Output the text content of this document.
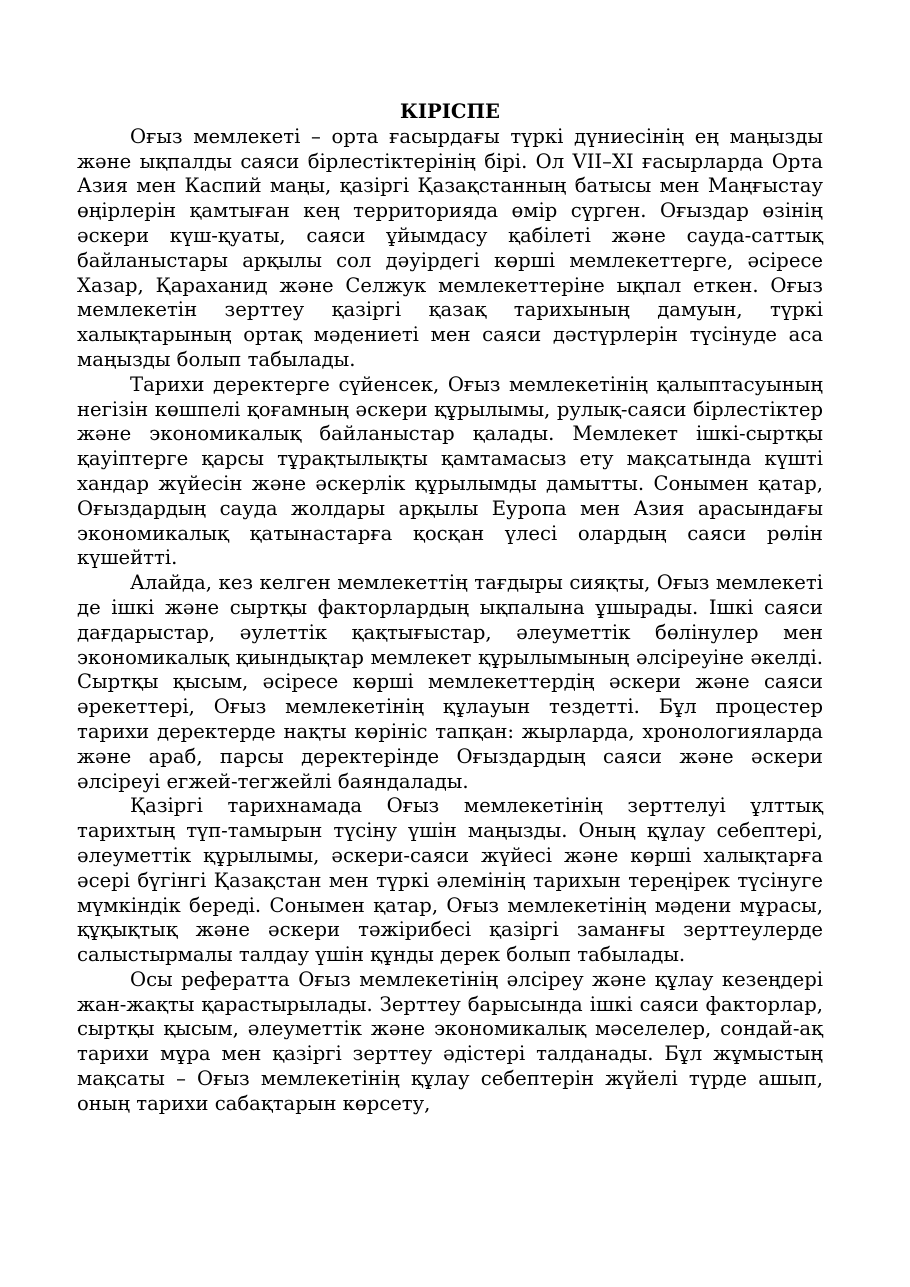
КІРІСПЕ

Оғыз мемлекеті – орта ғасырдағы түркі дүниесінің ең маңызды және ықпалды саяси бірлестіктерінің бірі. Ол VII–XI ғасырларда Орта Азия мен Каспий маңы, қазіргі Қазақстанның батысы мен Маңғыстау өңірлерін қамтыған кең территорияда өмір сүрген. Оғыздар өзінің әскери күш-қуаты, саяси ұйымдасу қабілеті және сауда-саттық байланыстары арқылы сол дәуірдегі көрші мемлекеттерге, әсіресе Хазар, Қараханид және Селжук мемлекеттеріне ықпал еткен. Оғыз мемлекетін зерттеу қазіргі қазақ тарихының дамуын, түркі халықтарының ортақ мәдениеті мен саяси дәстүрлерін түсінуде аса маңызды болып табылады.

Тарихи деректерге сүйенсек, Оғыз мемлекетінің қалыптасуының негізін көшпелі қоғамның әскери құрылымы, рулық-саяси бірлестіктер және экономикалық байланыстар қалады. Мемлекет ішкі-сыртқы қауіптерге қарсы тұрақтылықты қамтамасыз ету мақсатында күшті хандар жүйесін және әскерлік құрылымды дамытты. Сонымен қатар, Оғыздардың сауда жолдары арқылы Еуропа мен Азия арасындағы экономикалық қатынастарға қосқан үлесі олардың саяси рөлін күшейтті.

Алайда, кез келген мемлекеттің тағдыры сияқты, Оғыз мемлекеті де ішкі және сыртқы факторлардың ықпалына ұшырады. Ішкі саяси дағдарыстар, әулеттік қақтығыстар, әлеуметтік бөлінулер мен экономикалық қиындықтар мемлекет құрылымының әлсіреуіне әкелді. Сыртқы қысым, әсіресе көрші мемлекеттердің әскери және саяси әрекеттері, Оғыз мемлекетінің құлауын тездетті. Бұл процестер тарихи деректерде нақты көрініс тапқан: жырларда, хронологияларда және араб, парсы деректерінде Оғыздардың саяси және әскери әлсіреуі егжей-тегжейлі баяндалады.

Қазіргі тарихнамада Оғыз мемлекетінің зерттелуі ұлттық тарихтың түп-тамырын түсіну үшін маңызды. Оның құлау себептері, әлеуметтік құрылымы, әскери-саяси жүйесі және көрші халықтарға әсері бүгінгі Қазақстан мен түркі әлемінің тарихын тереңірек түсінуге мүмкіндік береді. Сонымен қатар, Оғыз мемлекетінің мәдени мұрасы, құқықтық және әскери тәжірибесі қазіргі заманғы зерттеулерде салыстырмалы талдау үшін құнды дерек болып табылады.

Осы рефератта Оғыз мемлекетінің әлсіреу және құлау кезеңдері жан-жақты қарастырылады. Зерттеу барысында ішкі саяси факторлар, сыртқы қысым, әлеуметтік және экономикалық мәселелер, сондай-ақ тарихи мұра мен қазіргі зерттеу әдістері талданады. Бұл жұмыстың мақсаты – Оғыз мемлекетінің құлау себептерін жүйелі түрде ашып, оның тарихи сабақтарын көрсету,
